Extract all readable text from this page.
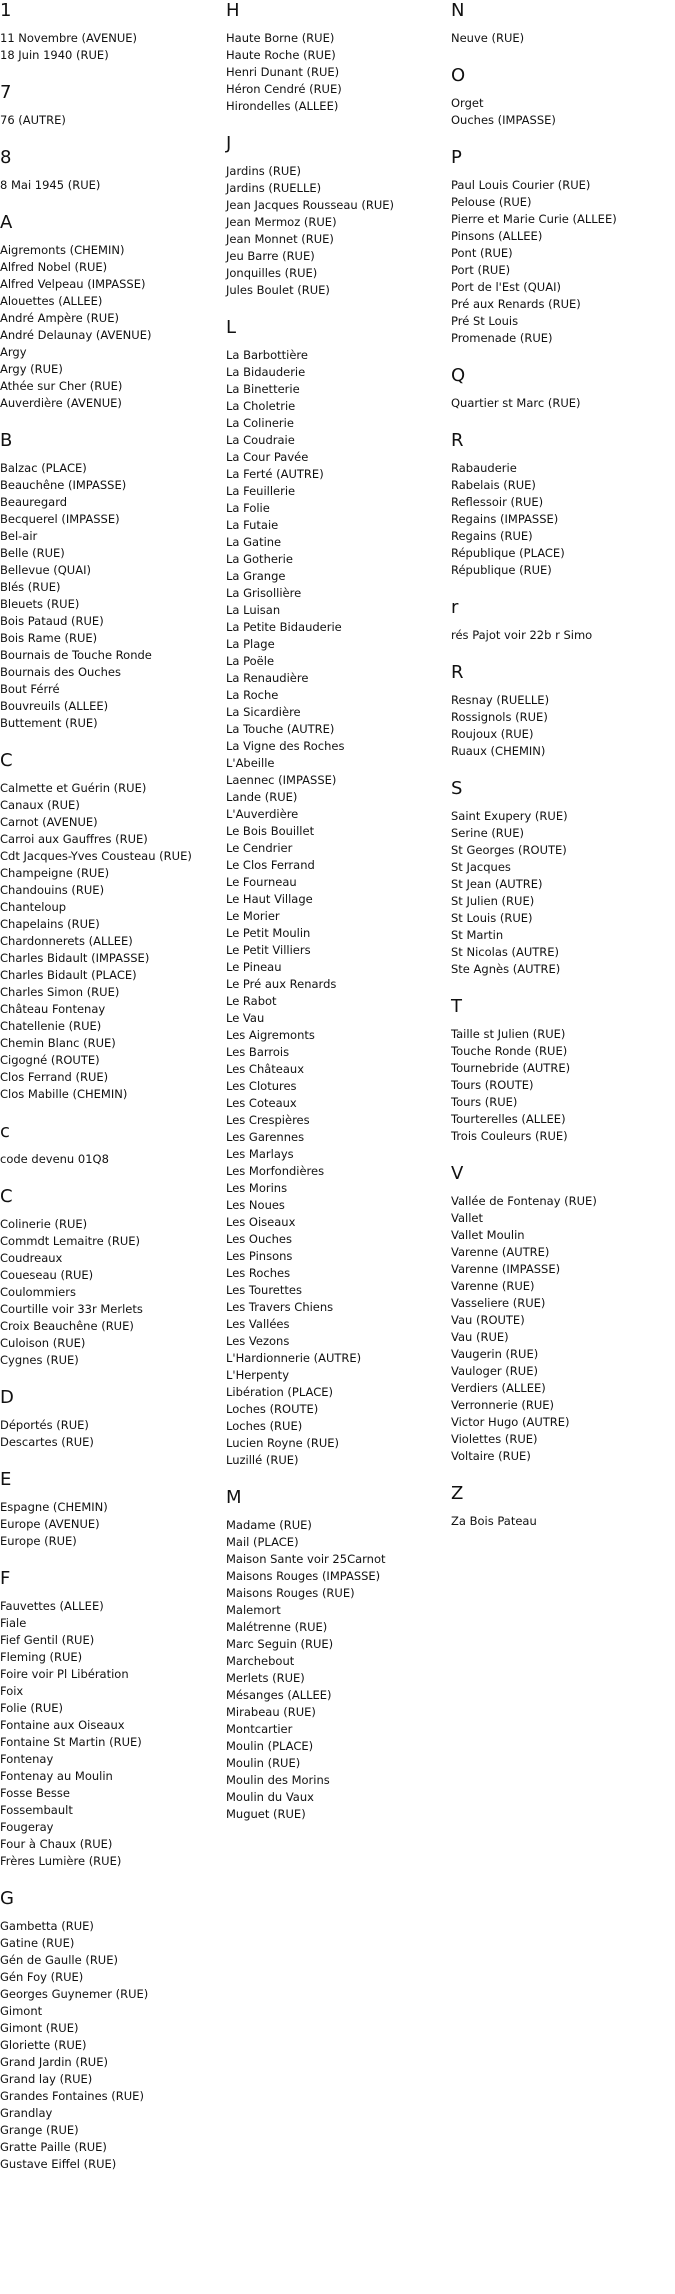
1
11 Novembre (AVENUE)
18 Juin 1940 (RUE)
7
76 (AUTRE)
8
8 Mai 1945 (RUE)
A
Aigremonts (CHEMIN)
Alfred Nobel (RUE)
Alfred Velpeau (IMPASSE)
Alouettes (ALLEE)
André Ampère (RUE)
André Delaunay (AVENUE)
Argy
Argy (RUE)
Athée sur Cher (RUE)
Auverdière (AVENUE)
B
Balzac (PLACE)
Beauchêne (IMPASSE)
Beauregard
Becquerel (IMPASSE)
Bel-air
Belle (RUE)
Bellevue (QUAI)
Blés (RUE)
Bleuets (RUE)
Bois Pataud (RUE)
Bois Rame (RUE)
Bournais de Touche Ronde
Bournais des Ouches
Bout Férré
Bouvreuils (ALLEE)
Buttement (RUE)
C
Calmette et Guérin (RUE)
Canaux (RUE)
Carnot (AVENUE)
Carroi aux Gauffres (RUE)
Cdt Jacques-Yves Cousteau (RUE)
Champeigne (RUE)
Chandouins (RUE)
Chanteloup
Chapelains (RUE)
Chardonnerets (ALLEE)
Charles Bidault (IMPASSE)
Charles Bidault (PLACE)
Charles Simon (RUE)
Château Fontenay
Chatellenie (RUE)
Chemin Blanc (RUE)
Cigogné (ROUTE)
Clos Ferrand (RUE)
Clos Mabille (CHEMIN)
c
code devenu 01Q8
C
Colinerie (RUE)
Commdt Lemaitre (RUE)
Coudreaux
Coueseau (RUE)
Coulommiers
Courtille voir 33r Merlets
Croix Beauchêne (RUE)
Culoison (RUE)
Cygnes (RUE)
D
Déportés (RUE)
Descartes (RUE)
E
Espagne (CHEMIN)
Europe (AVENUE)
Europe (RUE)
F
Fauvettes (ALLEE)
Fiale
Fief Gentil (RUE)
Fleming (RUE)
Foire voir Pl Libération
Foix
Folie (RUE)
Fontaine aux Oiseaux
Fontaine St Martin (RUE)
Fontenay
Fontenay au Moulin
Fosse Besse
Fossembault
Fougeray
Four à Chaux (RUE)
Frères Lumière (RUE)
G
Gambetta (RUE)
Gatine (RUE)
Gén de Gaulle (RUE)
Gén Foy (RUE)
Georges Guynemer (RUE)
Gimont
Gimont (RUE)
Gloriette (RUE)
Grand Jardin (RUE)
Grand lay (RUE)
Grandes Fontaines (RUE)
Grandlay
Grange (RUE)
Gratte Paille (RUE)
Gustave Eiffel (RUE)
H
Haute Borne (RUE)
Haute Roche (RUE)
Henri Dunant (RUE)
Héron Cendré (RUE)
Hirondelles (ALLEE)
J
Jardins (RUE)
Jardins (RUELLE)
Jean Jacques Rousseau (RUE)
Jean Mermoz (RUE)
Jean Monnet (RUE)
Jeu Barre (RUE)
Jonquilles (RUE)
Jules Boulet (RUE)
L
La Barbottière
La Bidauderie
La Binetterie
La Choletrie
La Colinerie
La Coudraie
La Cour Pavée
La Ferté (AUTRE)
La Feuillerie
La Folie
La Futaie
La Gatine
La Gotherie
La Grange
La Grisollière
La Luisan
La Petite Bidauderie
La Plage
La Poële
La Renaudière
La Roche
La Sicardière
La Touche (AUTRE)
La Vigne des Roches
L'Abeille
Laennec (IMPASSE)
Lande (RUE)
L'Auverdière
Le Bois Bouillet
Le Cendrier
Le Clos Ferrand
Le Fourneau
Le Haut Village
Le Morier
Le Petit Moulin
Le Petit Villiers
Le Pineau
Le Pré aux Renards
Le Rabot
Le Vau
Les Aigremonts
Les Barrois
Les Châteaux
Les Clotures
Les Coteaux
Les Crespières
Les Garennes
Les Marlays
Les Morfondières
Les Morins
Les Noues
Les Oiseaux
Les Ouches
Les Pinsons
Les Roches
Les Tourettes
Les Travers Chiens
Les Vallées
Les Vezons
L'Hardionnerie (AUTRE)
L'Herpenty
Libération (PLACE)
Loches (ROUTE)
Loches (RUE)
Lucien Royne (RUE)
Luzillé (RUE)
M
Madame (RUE)
Mail (PLACE)
Maison Sante voir 25Carnot
Maisons Rouges (IMPASSE)
Maisons Rouges (RUE)
Malemort
Malétrenne (RUE)
Marc Seguin (RUE)
Marchebout
Merlets (RUE)
Mésanges (ALLEE)
Mirabeau (RUE)
Montcartier
Moulin (PLACE)
Moulin (RUE)
Moulin des Morins
Moulin du Vaux
Muguet (RUE)
N
Neuve (RUE)
O
Orget
Ouches (IMPASSE)
P
Paul Louis Courier (RUE)
Pelouse (RUE)
Pierre et Marie Curie (ALLEE)
Pinsons (ALLEE)
Pont (RUE)
Port (RUE)
Port de l'Est (QUAI)
Pré aux Renards (RUE)
Pré St Louis
Promenade (RUE)
Q
Quartier st Marc (RUE)
R
Rabauderie
Rabelais (RUE)
Reflessoir (RUE)
Regains (IMPASSE)
Regains (RUE)
République (PLACE)
République (RUE)
r
rés Pajot voir 22b r Simo
R
Resnay (RUELLE)
Rossignols (RUE)
Roujoux (RUE)
Ruaux (CHEMIN)
S
Saint Exupery (RUE)
Serine (RUE)
St Georges (ROUTE)
St Jacques
St Jean (AUTRE)
St Julien (RUE)
St Louis (RUE)
St Martin
St Nicolas (AUTRE)
Ste Agnès (AUTRE)
T
Taille st Julien (RUE)
Touche Ronde (RUE)
Tournebride (AUTRE)
Tours (ROUTE)
Tours (RUE)
Tourterelles (ALLEE)
Trois Couleurs (RUE)
V
Vallée de Fontenay (RUE)
Vallet
Vallet Moulin
Varenne (AUTRE)
Varenne (IMPASSE)
Varenne (RUE)
Vasseliere (RUE)
Vau (ROUTE)
Vau (RUE)
Vaugerin (RUE)
Vauloger (RUE)
Verdiers (ALLEE)
Verronnerie (RUE)
Victor Hugo (AUTRE)
Violettes (RUE)
Voltaire (RUE)
Z
Za Bois Pateau
